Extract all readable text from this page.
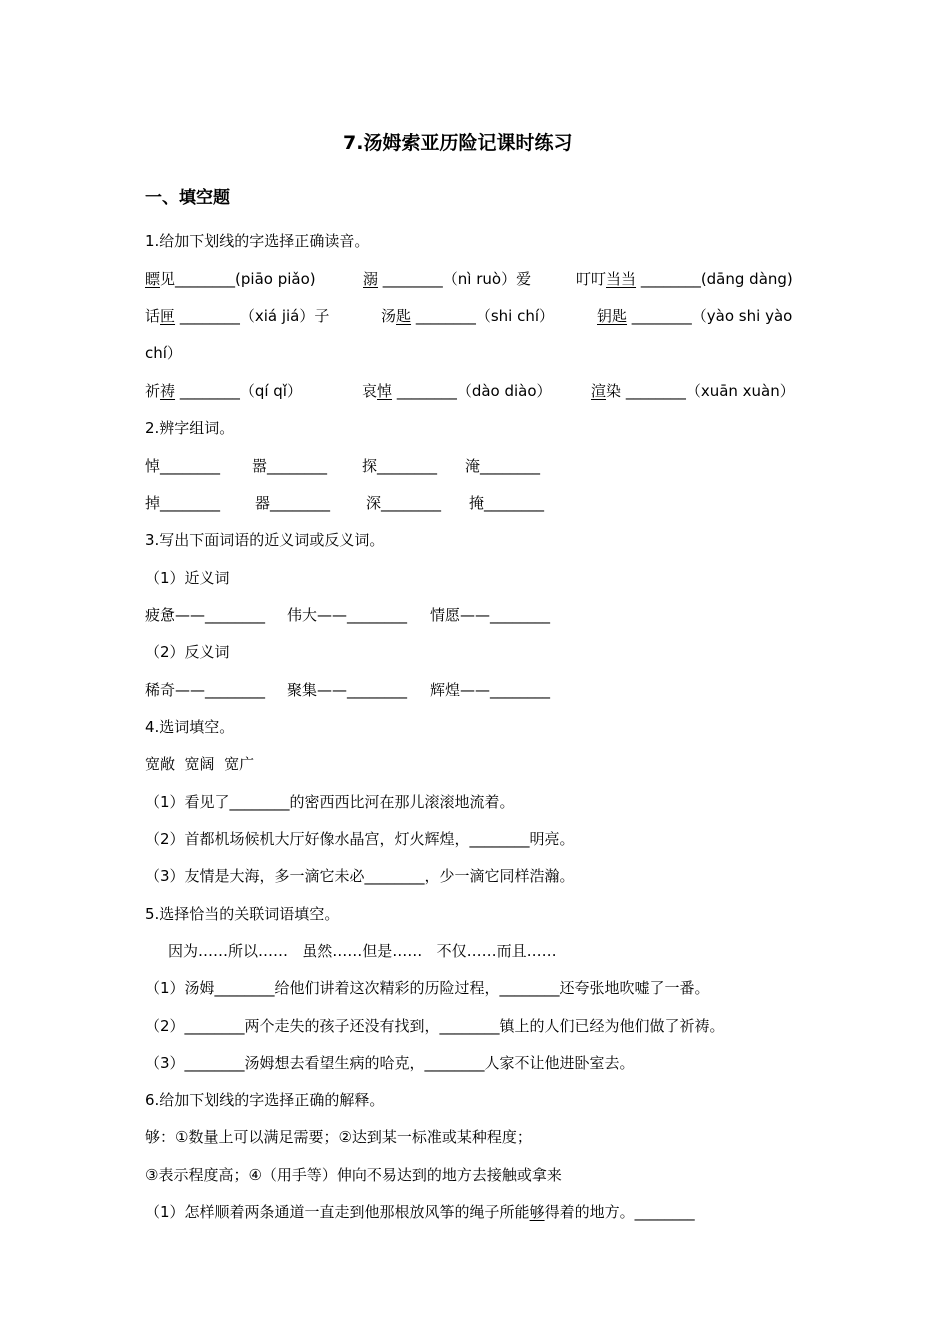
7.汤姆索亚历险记课时练习
一、填空题
1.给加下划线的字选择正确读音。
瞟见________(piāo piǎo)	溺 ________（nì ruò）爱	叮叮当当 ________(dāng dàng)
话匣 ________（xiá jiá）子	汤匙 ________（shi chí）	钥匙 ________（yào shi yào
chí）
祈祷 ________（qí qǐ）	哀悼 ________（dào diào）	渲染 ________（xuān xuàn）
2.辨字组词。
悼________ 嚣________ 探________ 淹________
掉________ 器________ 深________ 掩________
3.写出下面词语的近义词或反义词。
（1）近义词
疲惫——________ 伟大——________ 情愿——________
（2）反义词
稀奇——________ 聚集——________ 辉煌——________
4.选词填空。
宽敞  宽阔  宽广
（1）看见了________的密西西比河在那儿滚滚地流着。
（2）首都机场候机大厅好像水晶宫，灯火辉煌，________明亮。
（3）友情是大海，多一滴它未必________，少一滴它同样浩瀚。
5.选择恰当的关联词语填空。
因为……所以……   虽然……但是……   不仅……而且……
（1）汤姆________给他们讲着这次精彩的历险过程，________还夸张地吹嘘了一番。
（2）________两个走失的孩子还没有找到，________镇上的人们已经为他们做了祈祷。
（3）________汤姆想去看望生病的哈克，________人家不让他进卧室去。
6.给加下划线的字选择正确的解释。
够：①数量上可以满足需要；②达到某一标准或某种程度；
③表示程度高；④（用手等）伸向不易达到的地方去接触或拿来
（1）怎样顺着两条通道一直走到他那根放风筝的绳子所能够得着的地方。________
